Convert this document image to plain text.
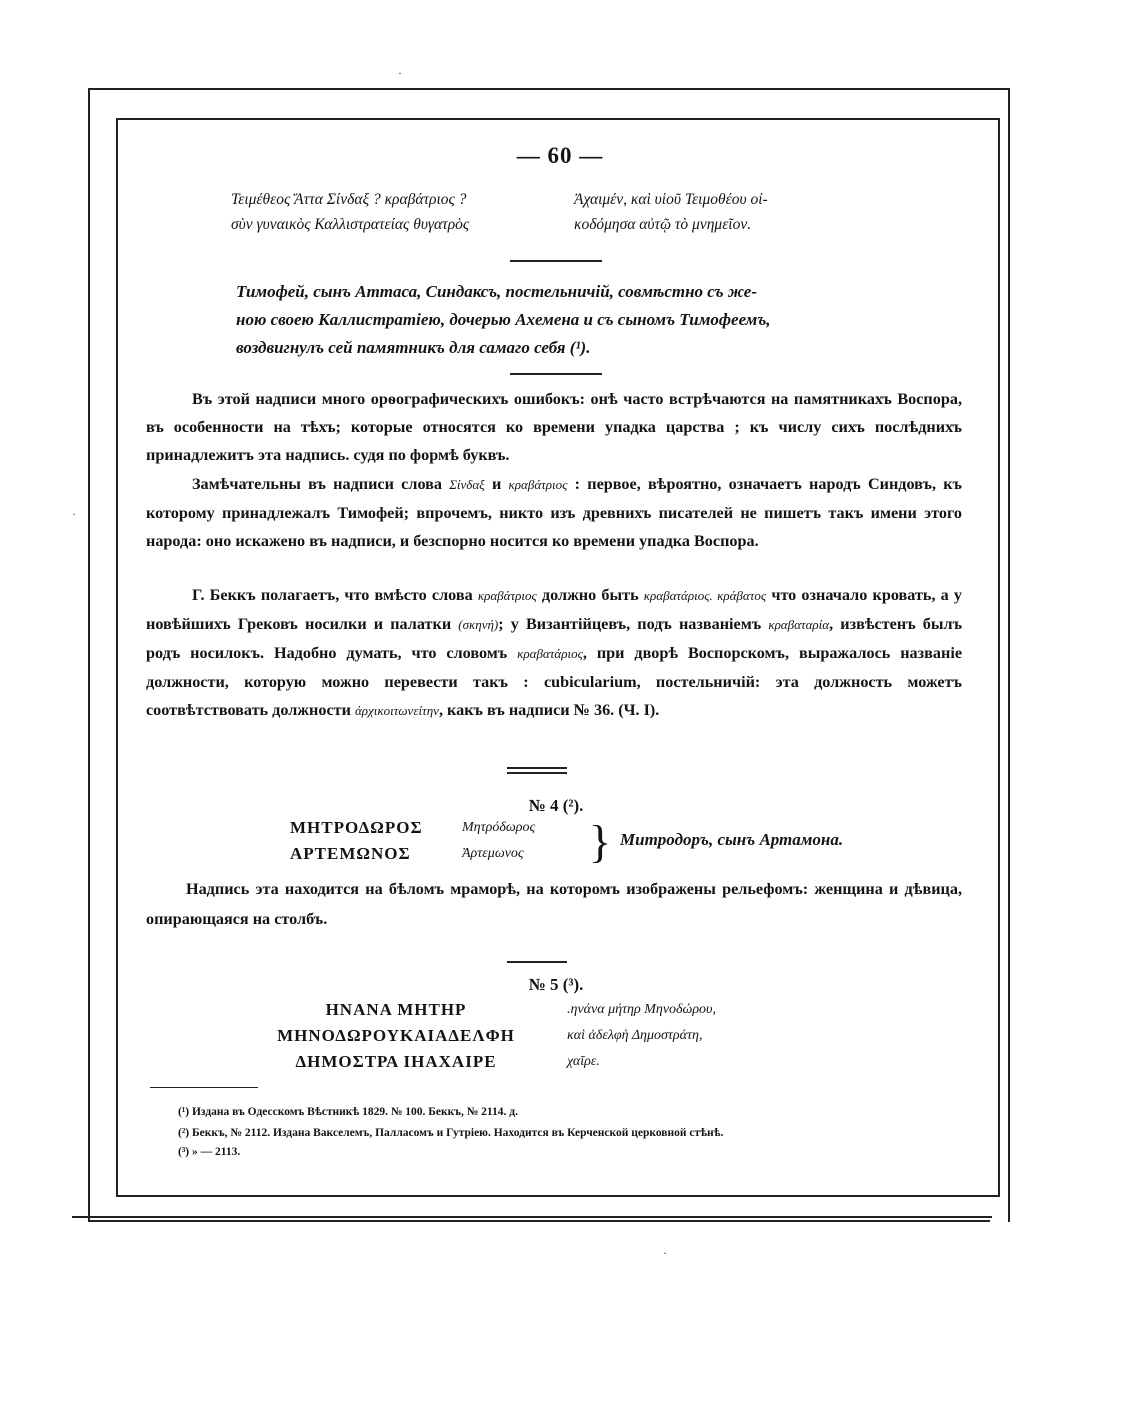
·
·
·
— 60 —
Τειμέθεος Ἄττα Σίνδαξ ? κραβάτριος ?
σὺν γυναικὸς Καλλιστρατείας θυγατρὸς
Ἀχαιμέν, καὶ υἱοῦ Τειμοθέου οἰ-
κοδόμησα αὐτῷ τὸ μνημεῖον.
Тимофей, сынъ Аттаса, Синдаксъ, постельничій, совмѣстно съ же-
ною своею Каллистратіею, дочерью Ахемена и съ сыномъ Тимофеемъ,
воздвигнулъ сей памятникъ для самаго себя (¹).
Въ этой надписи много орѳографическихъ ошибокъ: онѣ часто встрѣчаются на памятникахъ Воспора, въ особенности на тѣхъ; которые относятся ко времени упадка царства ; къ числу сихъ послѣднихъ принадлежитъ эта надпись. судя по формѣ буквъ.
Замѣчательны въ надписи слова Σίνδαξ и κραβάτριος : первое, вѣроятно, означаетъ народъ Синдовъ, къ которому принадлежалъ Тимофей; впрочемъ, никто изъ древнихъ писателей не пишетъ такъ имени этого народа: оно искажено въ надписи, и безспорно носится ко времени упадка Воспора.
Г. Беккъ полагаетъ, что вмѣсто слова κραβάτριος должно быть κραβατάριος. κράβατος что означало кровать, а у новѣйшихъ Грековъ носилки и палатки (σκηνή); у Византійцевъ, подъ названіемъ κραβαταρία, извѣстенъ былъ родъ носилокъ. Надобно думать, что словомъ κραβατάριος, при дворѣ Воспорскомъ, выражалось названіе должности, которую можно перевести такъ : cubicularium, постельничій: эта должность можетъ соотвѣтствовать должности ἀρχικοιτωνείτην, какъ въ надписи № 36. (Ч. I).
№ 4 (²).
ΜΗΤΡΟΔΩΡΟΣ
ΑΡΤΕΜΩΝΟΣ
Μητρόδωρος
Ἀρτεμωνος } Митродоръ, сынъ Артамона.
Надпись эта находится на бѣломъ мраморѣ, на которомъ изображены рельефомъ: женщина и дѣвица, опирающаяся на столбъ.
№ 5 (³).
ΗΝΑΝΑ ΜΗΤΗΡ
ΜΗΝΟΔΩΡΟΥΚΑΙΑΔΕΛΦΗ
ΔΗΜΟΣΤΡΑ ΙΗΑΧΑΙΡΕ
.ηνάνα μήτηρ Μηνοδώρου,
καὶ ἀδελφὴ Δημοστράτη,
χαῖρε.
(¹) Издана въ Одесскомъ Вѣстникѣ 1829. № 100. Беккъ, № 2114. д.
(²) Беккъ, № 2112. Издана Вакселемъ, Палласомъ и Гутріею. Находится въ Керченской церковной стѣнѣ.
(³) » — 2113.
